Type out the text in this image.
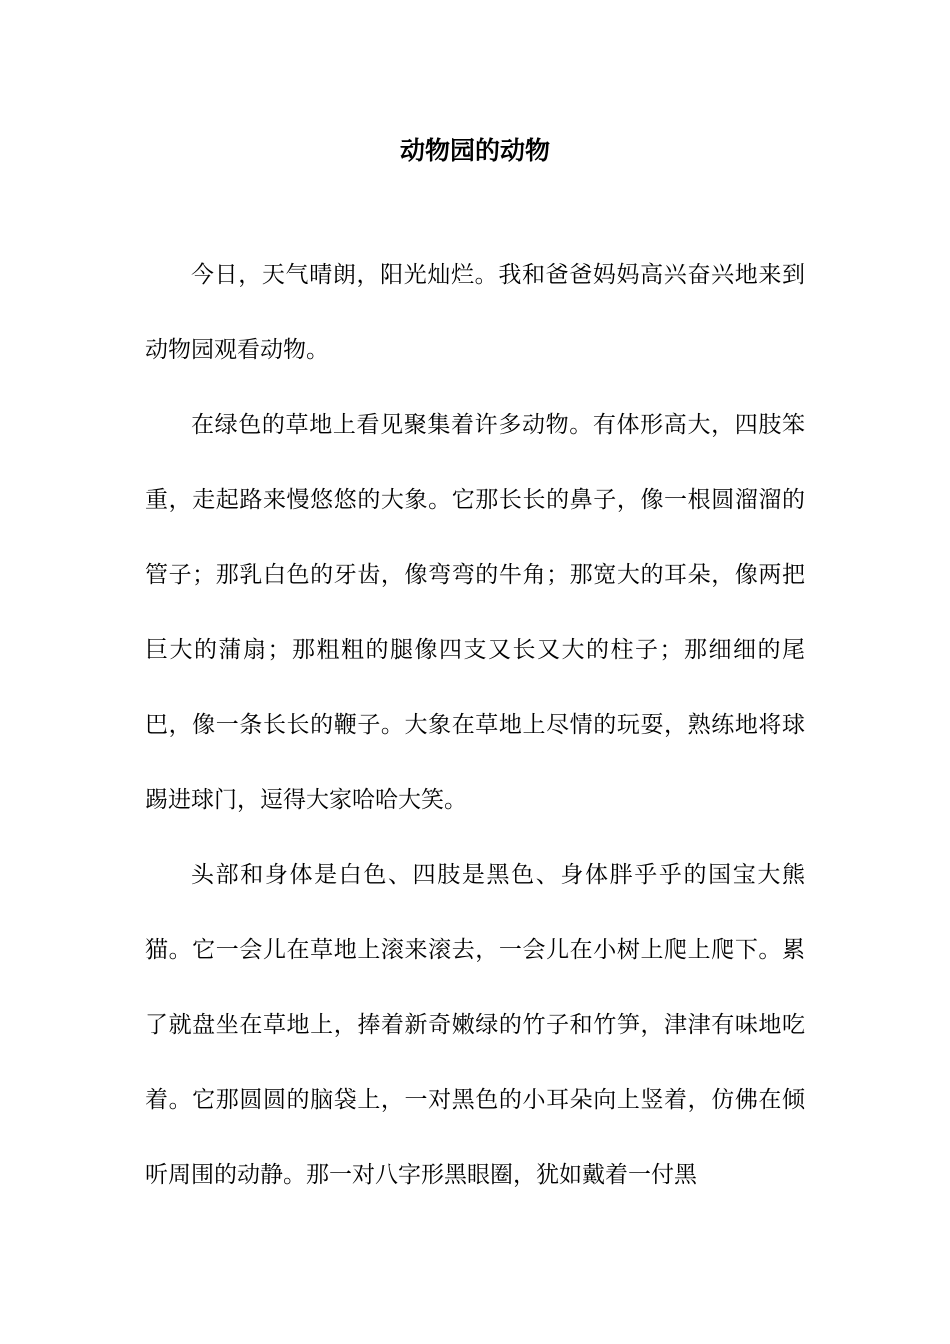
动物园的动物

今日，天气晴朗，阳光灿烂。我和爸爸妈妈高兴奋兴地来到动物园观看动物。

在绿色的草地上看见聚集着许多动物。有体形高大，四肢笨重，走起路来慢悠悠的大象。它那长长的鼻子，像一根圆溜溜的管子；那乳白色的牙齿，像弯弯的牛角；那宽大的耳朵，像两把巨大的蒲扇；那粗粗的腿像四支又长又大的柱子；那细细的尾巴，像一条长长的鞭子。大象在草地上尽情的玩耍，熟练地将球踢进球门，逗得大家哈哈大笑。

头部和身体是白色、四肢是黑色、身体胖乎乎的国宝大熊猫。它一会儿在草地上滚来滚去，一会儿在小树上爬上爬下。累了就盘坐在草地上，捧着新奇嫩绿的竹子和竹笋，津津有味地吃着。它那圆圆的脑袋上，一对黑色的小耳朵向上竖着，仿佛在倾听周围的动静。那一对八字形黑眼圈，犹如戴着一付黑
